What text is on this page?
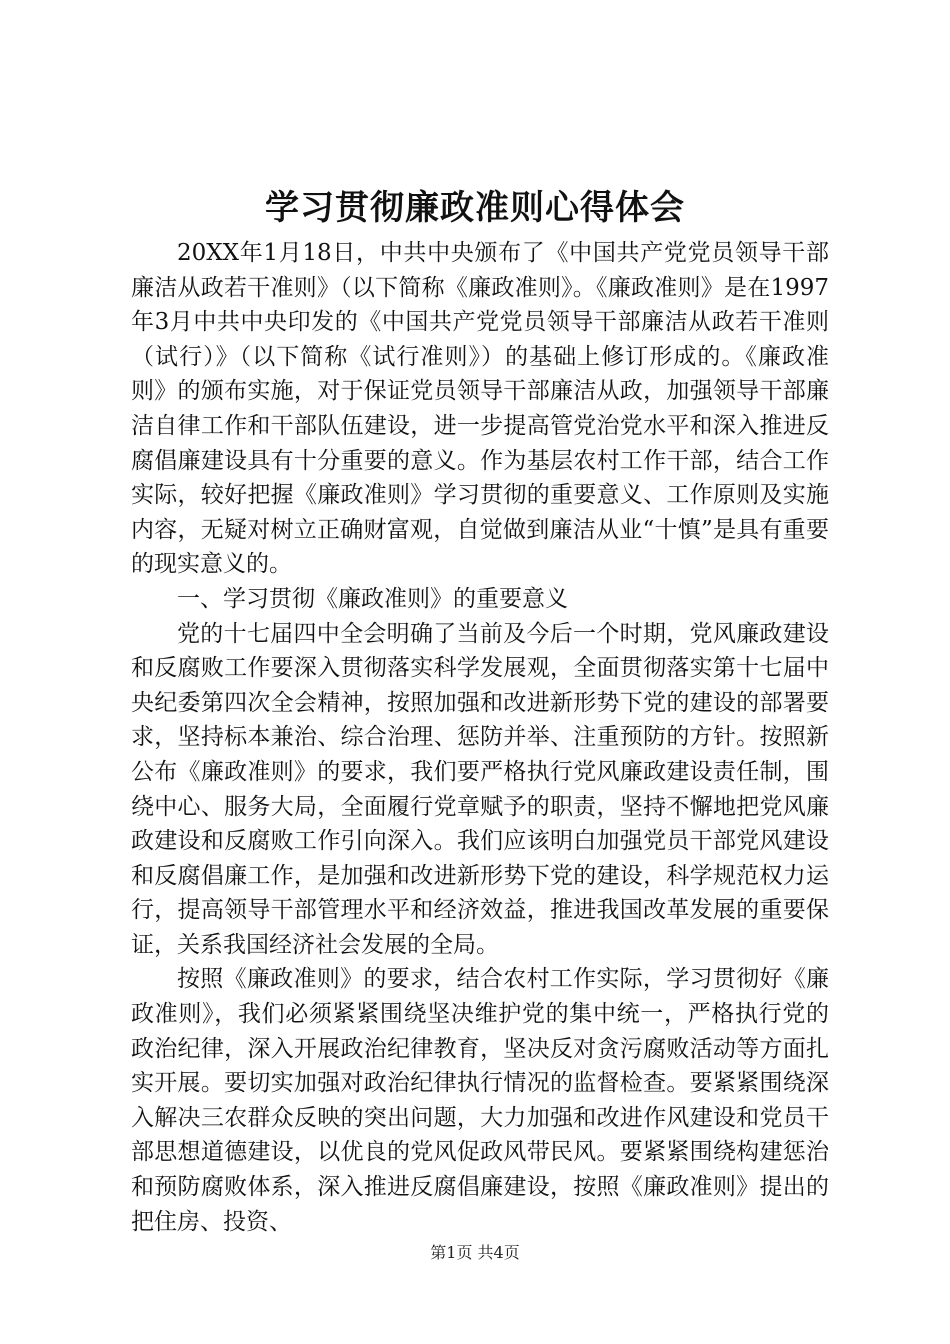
学习贯彻廉政准则心得体会

20XX年1月18日，中共中央颁布了《中国共产党党员领导干部廉洁从政若干准则》（以下简称《廉政准则》。《廉政准则》是在1997年3月中共中央印发的《中国共产党党员领导干部廉洁从政若干准则（试行）》（以下简称《试行准则》）的基础上修订形成的。《廉政准则》的颁布实施，对于保证党员领导干部廉洁从政，加强领导干部廉洁自律工作和干部队伍建设，进一步提高管党治党水平和深入推进反腐倡廉建设具有十分重要的意义。作为基层农村工作干部，结合工作实际，较好把握《廉政准则》学习贯彻的重要意义、工作原则及实施内容，无疑对树立正确财富观，自觉做到廉洁从业“十慎”是具有重要的现实意义的。

一、学习贯彻《廉政准则》的重要意义

党的十七届四中全会明确了当前及今后一个时期，党风廉政建设和反腐败工作要深入贯彻落实科学发展观，全面贯彻落实第十七届中央纪委第四次全会精神，按照加强和改进新形势下党的建设的部署要求，坚持标本兼治、综合治理、惩防并举、注重预防的方针。按照新公布《廉政准则》的要求，我们要严格执行党风廉政建设责任制，围绕中心、服务大局，全面履行党章赋予的职责，坚持不懈地把党风廉政建设和反腐败工作引向深入。我们应该明白加强党员干部党风建设和反腐倡廉工作，是加强和改进新形势下党的建设，科学规范权力运行，提高领导干部管理水平和经济效益，推进我国改革发展的重要保证，关系我国经济社会发展的全局。

按照《廉政准则》的要求，结合农村工作实际，学习贯彻好《廉政准则》，我们必须紧紧围绕坚决维护党的集中统一，严格执行党的政治纪律，深入开展政治纪律教育，坚决反对贪污腐败活动等方面扎实开展。要切实加强对政治纪律执行情况的监督检查。要紧紧围绕深入解决三农群众反映的突出问题，大力加强和改进作风建设和党员干部思想道德建设，以优良的党风促政风带民风。要紧紧围绕构建惩治和预防腐败体系，深入推进反腐倡廉建设，按照《廉政准则》提出的把住房、投资、

第1页 共4页
